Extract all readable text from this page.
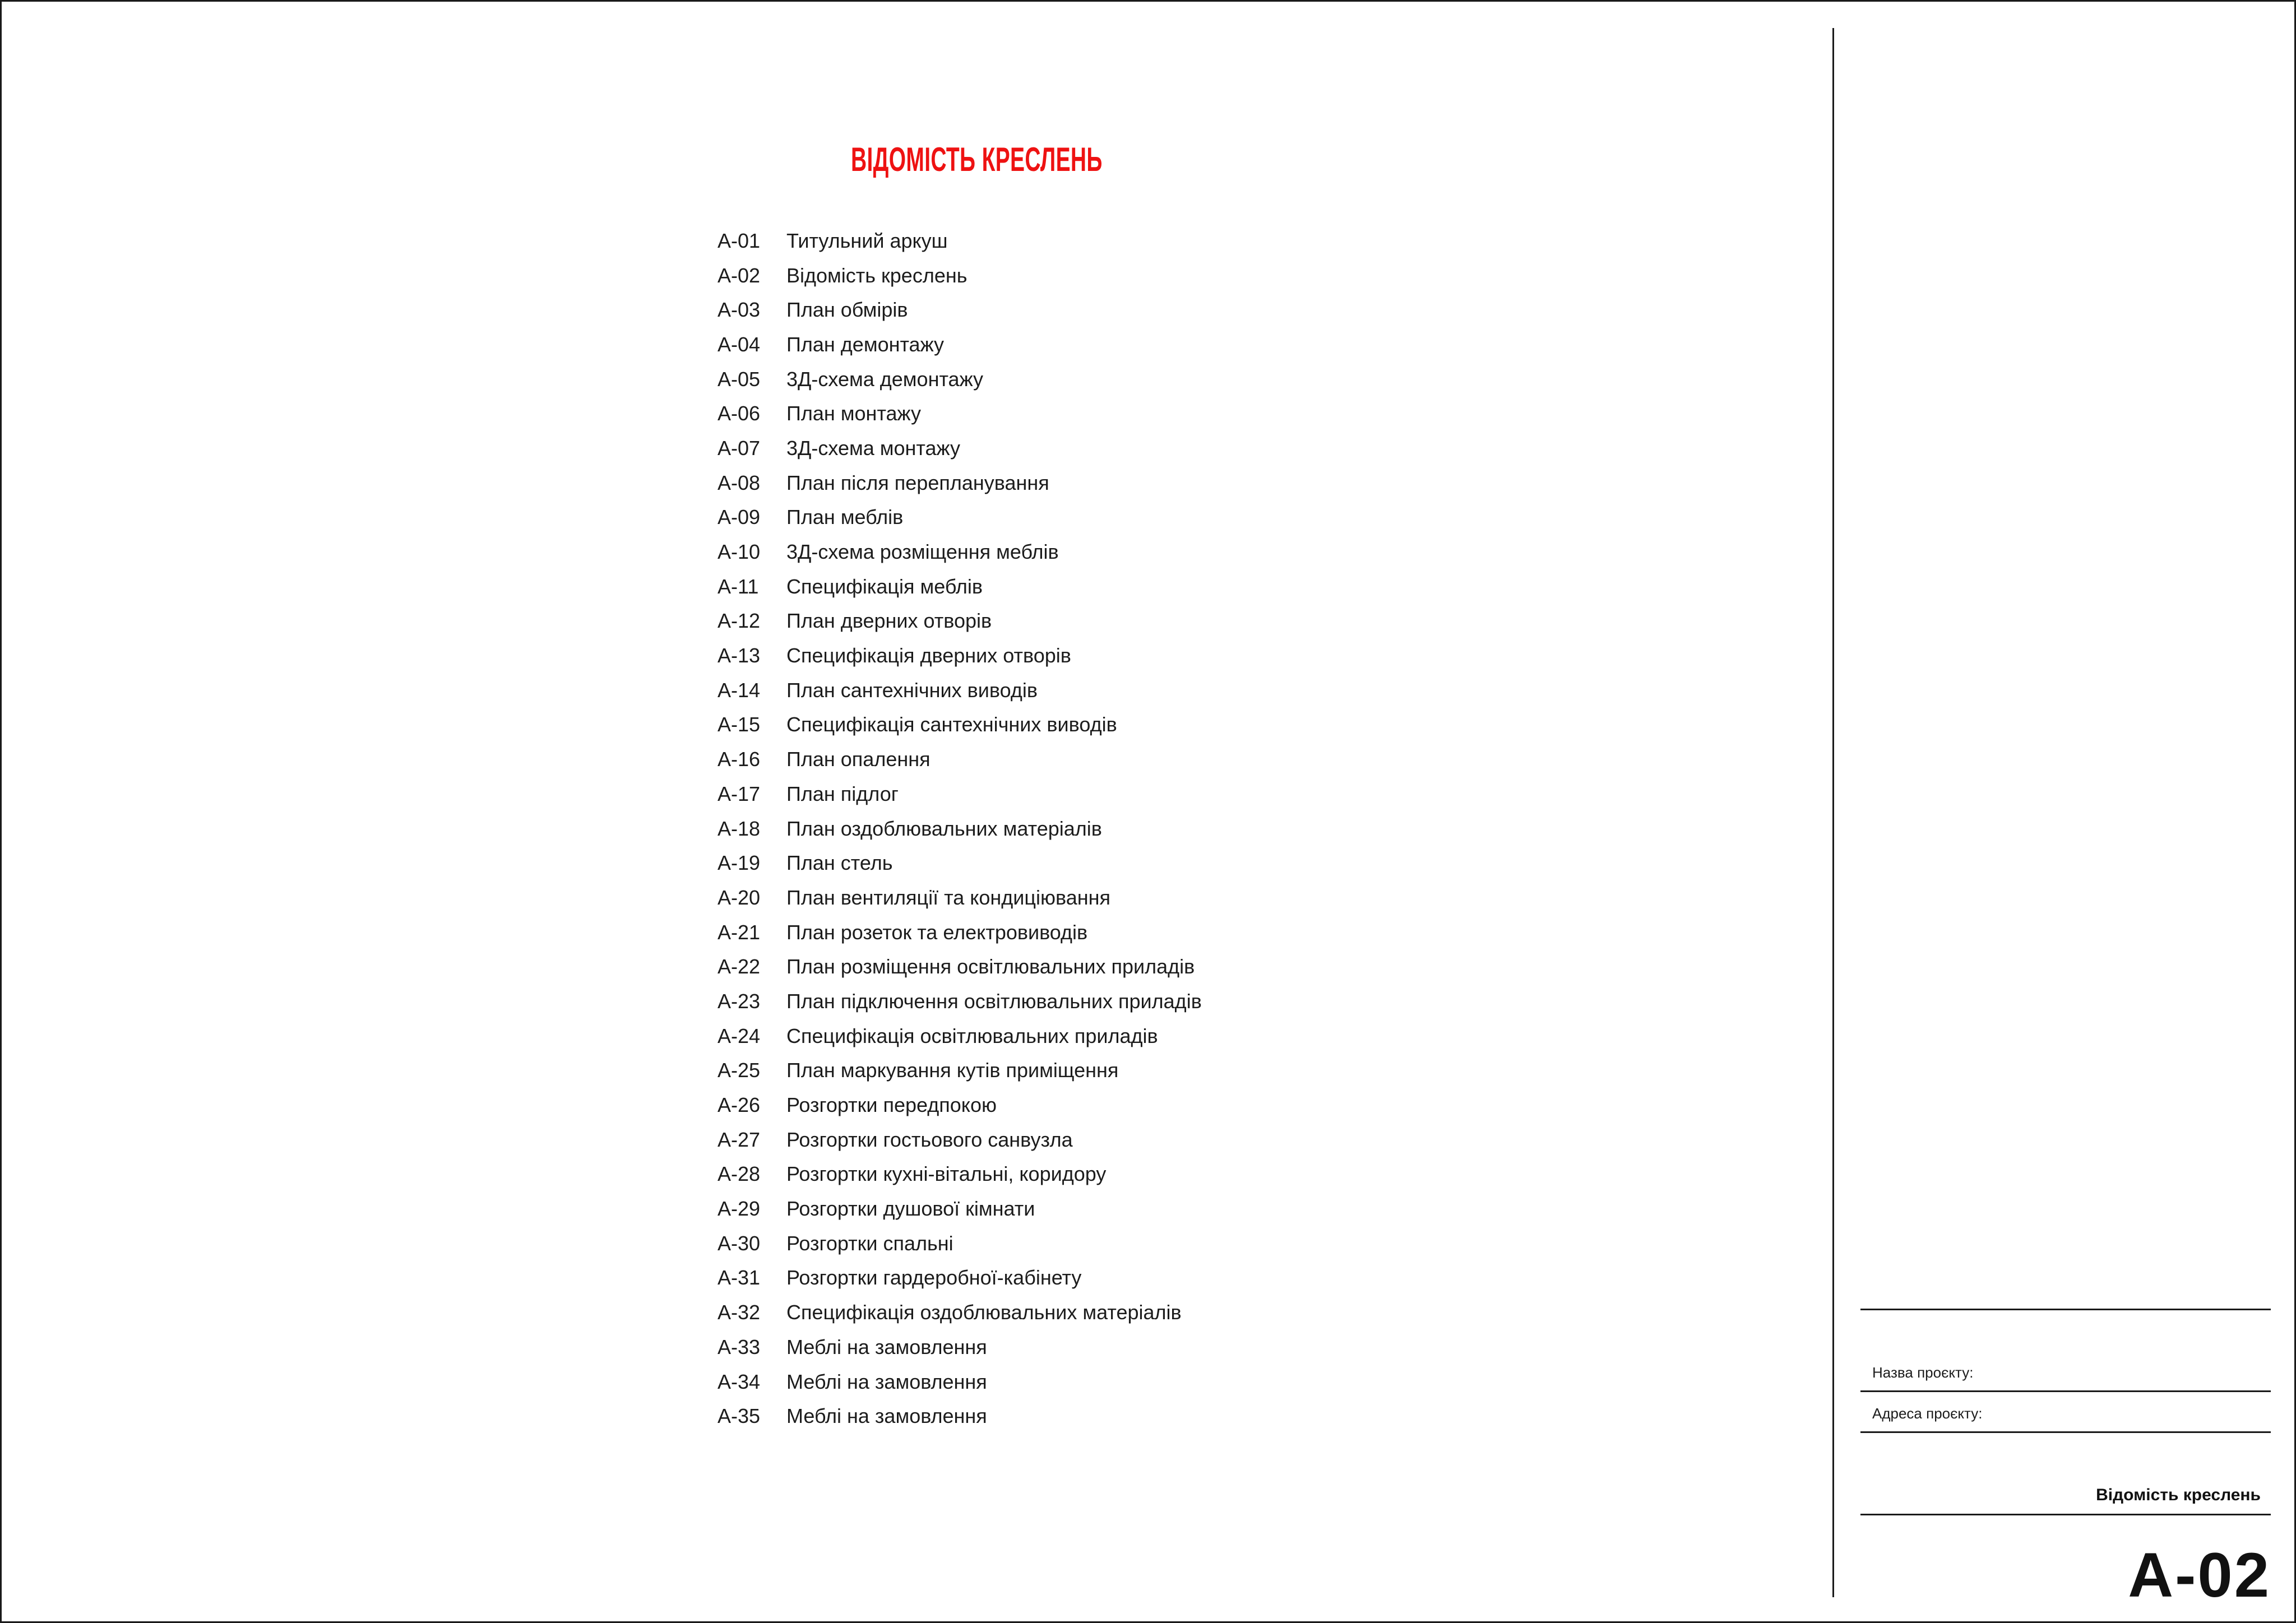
ВІДОМІСТЬ КРЕСЛЕНЬ
A-01	Титульний аркуш
A-02	Відомість креслень
A-03	План обмірів
A-04	План демонтажу
A-05	3Д-схема демонтажу
A-06	План монтажу
A-07	3Д-схема монтажу
A-08	План після перепланування
A-09	План меблів
A-10	3Д-схема розміщення меблів
A-11	Специфікація меблів
A-12	План дверних отворів
A-13	Специфікація дверних отворів
A-14	План сантехнічних виводів
A-15	Специфікація сантехнічних виводів
A-16	План опалення
A-17	План підлог
A-18	План оздоблювальних матеріалів
A-19	План стель
A-20	План вентиляції та кондиціювання
A-21	План розеток та електровиводів
A-22	План розміщення освітлювальних приладів
A-23	План підключення освітлювальних приладів
A-24	Специфікація освітлювальних приладів
A-25	План маркування кутів приміщення
A-26	Розгортки передпокою
A-27	Розгортки гостьового санвузла
A-28	Розгортки кухні-вітальні, коридору
A-29	Розгортки душової кімнати
A-30	Розгортки спальні
A-31	Розгортки гардеробної-кабінету
A-32	Специфікація оздоблювальних матеріалів
A-33	Меблі на замовлення
A-34	Меблі на замовлення
A-35	Меблі на замовлення
Назва проєкту:
Адреса проєкту:
Відомість креслень
A-02
